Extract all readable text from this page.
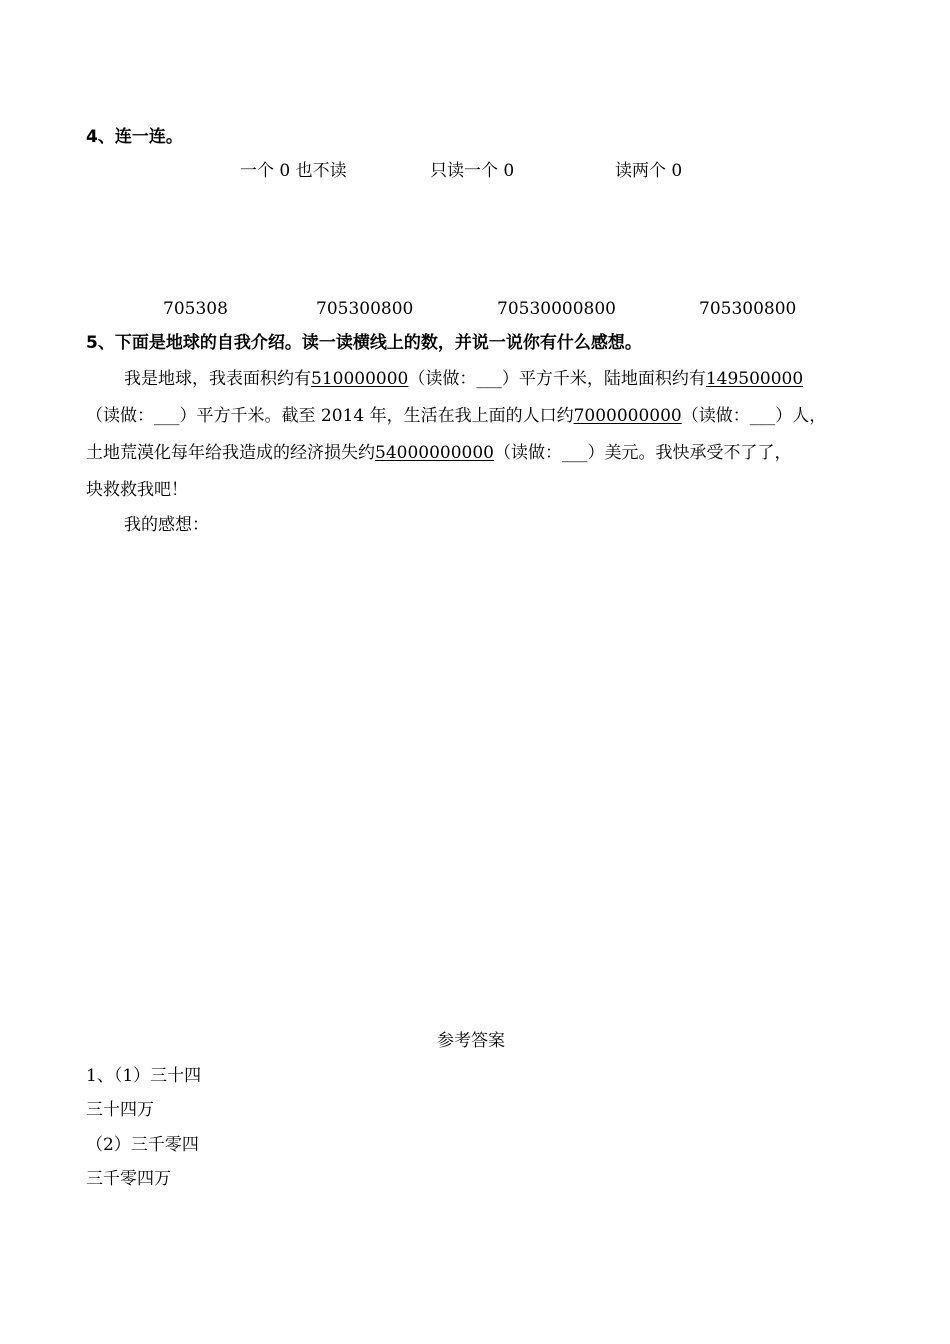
4、连一连。
一个 0 也不读	只读一个 0	读两个 0
705308	705300800	70530000800	705300800
5、下面是地球的自我介绍。读一读横线上的数，并说一说你有什么感想。
我是地球，我表面积约有510000000（读做：___）平方千米，陆地面积约有149500000
（读做：___）平方千米。截至 2014 年，生活在我上面的人口约7000000000（读做：___）人，
土地荒漠化每年给我造成的经济损失约54000000000（读做：___）美元。我快承受不了了，
块救救我吧！
我的感想：
参考答案
1、（1）三十四
三十四万
（2）三千零四
三千零四万
